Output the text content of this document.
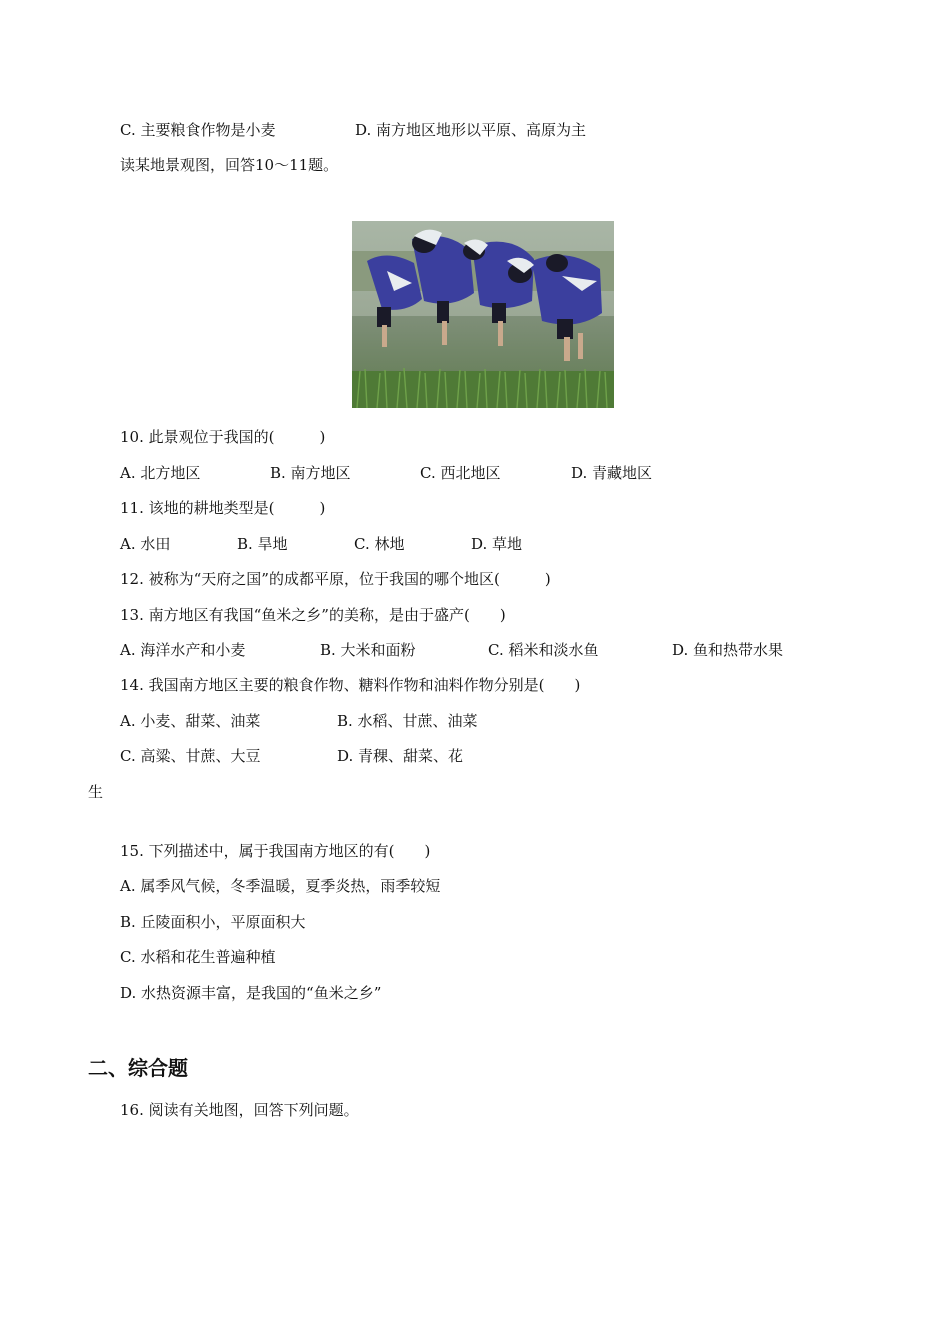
C. 主要粮食作物是小麦	D. 南方地区地形以平原、高原为主
读某地景观图，回答10～11题。
10. 此景观位于我国的(　　　)
A. 北方地区	B. 南方地区	C. 西北地区	D. 青藏地区
11. 该地的耕地类型是(　　　)
A. 水田	B. 旱地	C. 林地	D. 草地
12. 被称为“天府之国”的成都平原，位于我国的哪个地区(　　　)
13. 南方地区有我国“鱼米之乡”的美称，是由于盛产(　　)
A. 海洋水产和小麦	B. 大米和面粉	C. 稻米和淡水鱼	D. 鱼和热带水果
14. 我国南方地区主要的粮食作物、糖料作物和油料作物分别是(　　)
A. 小麦、甜菜、油菜	B. 水稻、甘蔗、油菜
C. 高粱、甘蔗、大豆	D. 青稞、甜菜、花
生
15. 下列描述中，属于我国南方地区的有(　　)
A. 属季风气候，冬季温暖，夏季炎热，雨季较短
B. 丘陵面积小，平原面积大
C. 水稻和花生普遍种植
D. 水热资源丰富，是我国的“鱼米之乡”
二、综合题
16. 阅读有关地图，回答下列问题。
